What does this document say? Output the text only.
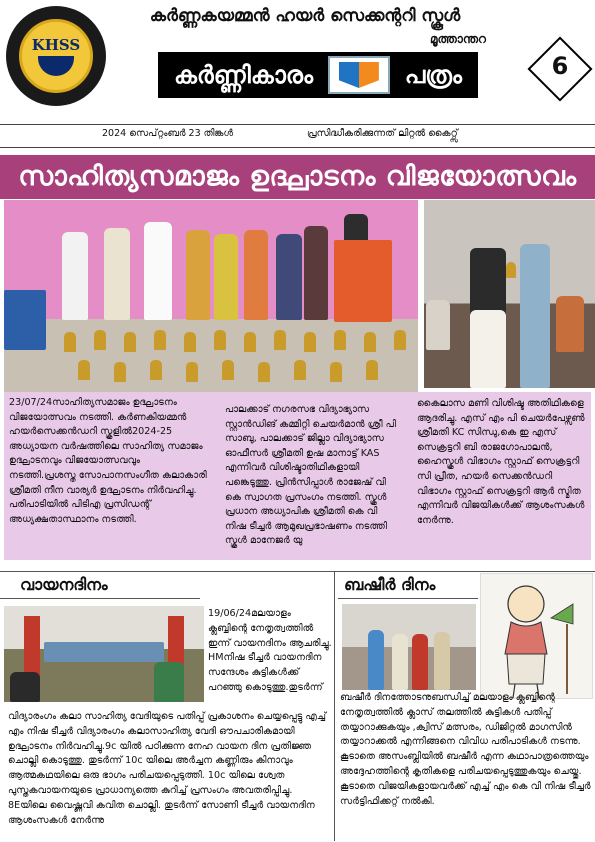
KHSS
കർണ്ണകയമ്മൻ ഹയർ സെക്കന്ററി സ്കൂൾ
മൂത്താന്തറ
കർണ്ണികാരം	പത്രം	6
2024 സെപ്റ്റംബർ 23 തിങ്കൾ	പ്രസിദ്ധീകരിക്കുന്നത് ലിറ്റൽ കൈറ്റ്സ്
സാഹിത്യസമാജം ഉദ്ഘാടനം വിജയോത്സവം
23/07/24സാഹിത്യസമാജം ഉദ്ഘാടനം വിജയോത്സവം നടത്തി. കർണകിയമ്മൻ ഹയർസെക്കൻഡറി സ്കൂളിൽ2024-25 അധ്യായന വർഷത്തിലെ സാഹിത്യ സമാജം ഉദ്ഘാടനവും വിജയോത്സവവും നടത്തി.പ്രശസ്ത സോപാനസംഗീത കലാകാരി ശ്രീമതി നീന വാര്യർ ഉദ്ഘാടനം നിർവഹിച്ചു. പരിപാടിയിൽ പിടിഎ പ്രസിഡന്റ് അധ്യക്ഷതാസ്ഥാനം നടത്തി.
പാലക്കാട് നഗരസഭ വിദ്യാഭ്യാസ സ്റ്റാൻഡിങ് കമ്മിറ്റി ചെയർമാൻ ശ്രീ പി സാബു, പാലക്കാട് ജില്ലാ വിദ്യാഭ്യാസ ഓഫീസർ ശ്രീമതി ഉഷ മാനാട്ട് KAS എന്നിവർ വിശിഷ്ടാതിഥികളായി പങ്കെടുത്തു. പ്രിൻസിപ്പാൾ രാജേഷ് വി കെ സ്വാഗത പ്രസംഗം നടത്തി. സ്കൂൾ പ്രധാന അധ്യാപിക ശ്രീമതി കെ വി നിഷ ടീച്ചർ ആമുഖപ്രഭാഷണം നടത്തി സ്കൂൾ മാനേജർ യു
കൈലാസ മണി വിശിഷ്ട അതിഥികളെ ആദരിച്ചു. എസ് എം പി ചെയർപേഴ്സൺ ശ്രീമതി KC സിന്ധു,കെ ഇ എസ് സെക്രട്ടറി ബി രാജഗോപാലൻ, ഹൈസ്കൂൾ വിഭാഗം സ്റ്റാഫ് സെക്രട്ടറി സി പ്രീത, ഹയർ സെക്കൻഡറി വിഭാഗം സ്റ്റാഫ് സെക്രട്ടറി ആർ സ്മിത എന്നിവർ വിജയികൾക്ക് ആശംസകൾ നേർന്നു.
വായനദിനം
19/06/24മലയാളം ക്ലബ്ബിന്റെ നേതൃത്വത്തിൽ ഇന്ന് വായനദിനം ആചരിച്ചു. HMനിഷ ടീച്ചർ വായനദിന സന്ദേശം കുട്ടികൾക്ക് പറഞ്ഞു കൊടുത്തു.തുടർന്ന്
വിദ്യാരംഗം കലാ സാഹിത്യ വേദിയുടെ പതിപ്പ് പ്രകാശനം ചെയ്യപ്പെട്ടു എച്ച് എം നിഷ ടീച്ചർ വിദ്യാരംഗം കലാസാഹിത്യ വേദി ഔപചാരികമായി ഉദ്ഘാടനം നിർവഹിച്ചു.9c യിൽ പഠിക്കുന്ന നേഹ വായന ദിന പ്രതിജ്ഞ ചൊല്ലി കൊടുത്തു. തുടർന്ന് 10c യിലെ അർച്ചന കണ്ണിരും കിനാവും ആത്മകഥയിലെ ഒരു ഭാഗം പരിചയപ്പെടുത്തി. 10c യിലെ ശ്വേത പുസ്തകവായനയുടെ പ്രാധാന്യത്തെ കുറിച്ച് പ്രസംഗം അവതരിപ്പിച്ചു. 8Eയിലെ വൈഷ്ണവി കവിത ചൊല്ലി. തുടർന്ന് സോണി ടീച്ചർ വായനദിന ആശംസകൾ നേർന്നു
ബഷീർ ദിനം
ബഷീർ ദിനത്തോടനുബന്ധിച്ച് മലയാളം ക്ലബ്ബിന്റെ നേതൃത്വത്തിൽ ക്ലാസ് തലത്തിൽ കുട്ടികൾ പതിപ്പ് തയ്യാറാക്കുകയും ,ക്വിസ് മത്സരം, ഡിജിറ്റൽ മാഗസിൻ തയ്യാറാക്കൽ എന്നിങ്ങനെ വിവിധ പരിപാടികൾ നടന്നു. കൂടാതെ അസംബ്ലിയിൽ ബഷീർ എന്ന കഥാപാത്രത്തെയും അദ്ദേഹത്തിന്റെ കൃതികളെ പരിചയപ്പെടുത്തുകയും ചെയ്തു. കൂടാതെ വിജയികളായവർക്ക് എച്ച് എം കെ വി നിഷ ടീച്ചർ സർട്ടിഫിക്കറ്റ് നൽകി.
